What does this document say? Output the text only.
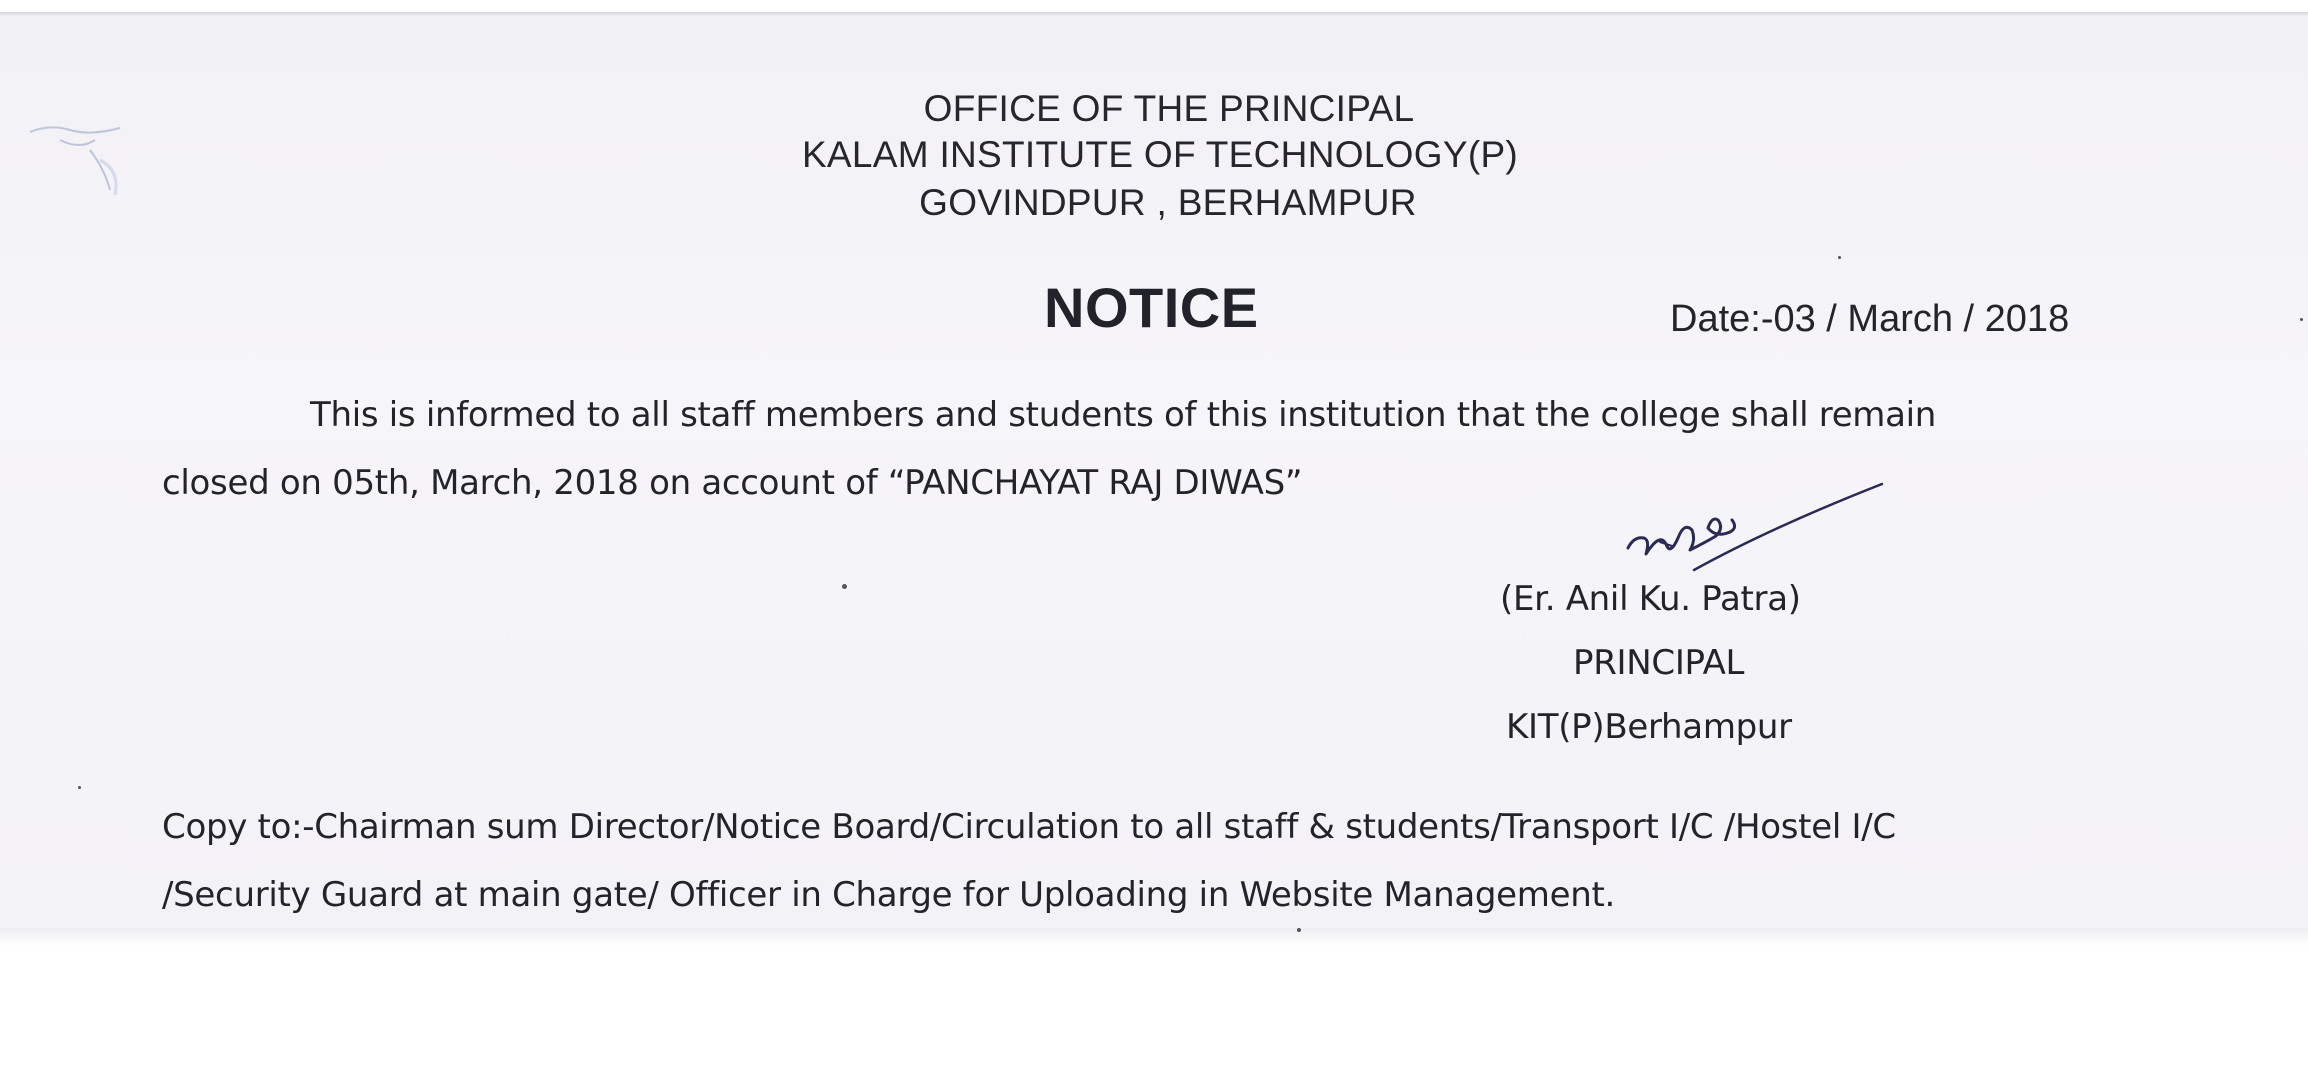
OFFICE OF THE PRINCIPAL
KALAM INSTITUTE OF TECHNOLOGY(P)
GOVINDPUR , BERHAMPUR
NOTICE	Date:-03 / March / 2018
This is informed to all staff members and students of this institution that the college shall remain
closed on 05th, March, 2018 on account of “PANCHAYAT RAJ DIWAS”
(Er. Anil Ku. Patra)
PRINCIPAL
KIT(P)Berhampur
Copy to:-Chairman sum Director/Notice Board/Circulation to all staff & students/Transport I/C /Hostel I/C
/Security Guard at main gate/ Officer in Charge for Uploading in Website Management.
